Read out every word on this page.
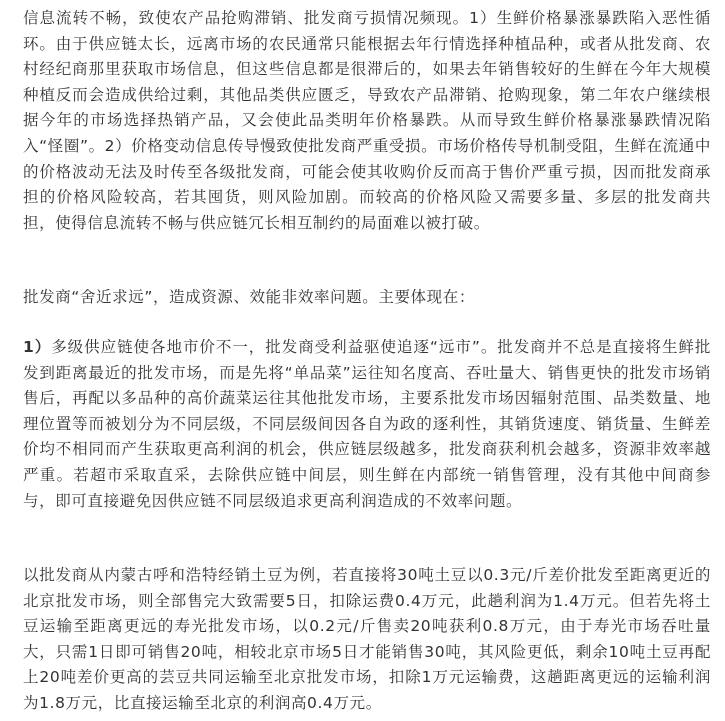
信息流转不畅，致使农产品抢购滞销、批发商亏损情况频现。1）生鲜价格暴涨暴跌陷入恶性循环。由于供应链太长，远离市场的农民通常只能根据去年行情选择种植品种，或者从批发商、农村经纪商那里获取市场信息，但这些信息都是很滞后的，如果去年销售较好的生鲜在今年大规模种植反而会造成供给过剩，其他品类供应匮乏，导致农产品滞销、抢购现象，第二年农户继续根据今年的市场选择热销产品，又会使此品类明年价格暴跌。从而导致生鲜价格暴涨暴跌情况陷入“怪圈”。2）价格变动信息传导慢致使批发商严重受损。市场价格传导机制受阻，生鲜在流通中的价格波动无法及时传至各级批发商，可能会使其收购价反而高于售价严重亏损，因而批发商承担的价格风险较高，若其囤货，则风险加剧。而较高的价格风险又需要多量、多层的批发商共担，使得信息流转不畅与供应链冗长相互制约的局面难以被打破。

批发商“舍近求远”，造成资源、效能非效率问题。主要体现在：

1）多级供应链使各地市价不一，批发商受利益驱使追逐“远市”。批发商并不总是直接将生鲜批发到距离最近的批发市场，而是先将“单品菜”运往知名度高、吞吐量大、销售更快的批发市场销售后，再配以多品种的高价蔬菜运往其他批发市场，主要系批发市场因辐射范围、品类数量、地理位置等而被划分为不同层级，不同层级间因各自为政的逐利性，其销货速度、销货量、生鲜差价均不相同而产生获取更高利润的机会，供应链层级越多，批发商获利机会越多，资源非效率越严重。若超市采取直采，去除供应链中间层，则生鲜在内部统一销售管理，没有其他中间商参与，即可直接避免因供应链不同层级追求更高利润造成的不效率问题。

以批发商从内蒙古呼和浩特经销土豆为例，若直接将30吨土豆以0.3元/斤差价批发至距离更近的北京批发市场，则全部售完大致需要5日，扣除运费0.4万元，此趟利润为1.4万元。但若先将土豆运输至距离更远的寿光批发市场，以0.2元/斤售卖20吨获利0.8万元，由于寿光市场吞吐量大，只需1日即可销售20吨，相较北京市场5日才能销售30吨，其风险更低，剩余10吨土豆再配上20吨差价更高的芸豆共同运输至北京批发市场，扣除1万元运输费，这趟距离更远的运输利润为1.8万元，比直接运输至北京的利润高0.4万元。
